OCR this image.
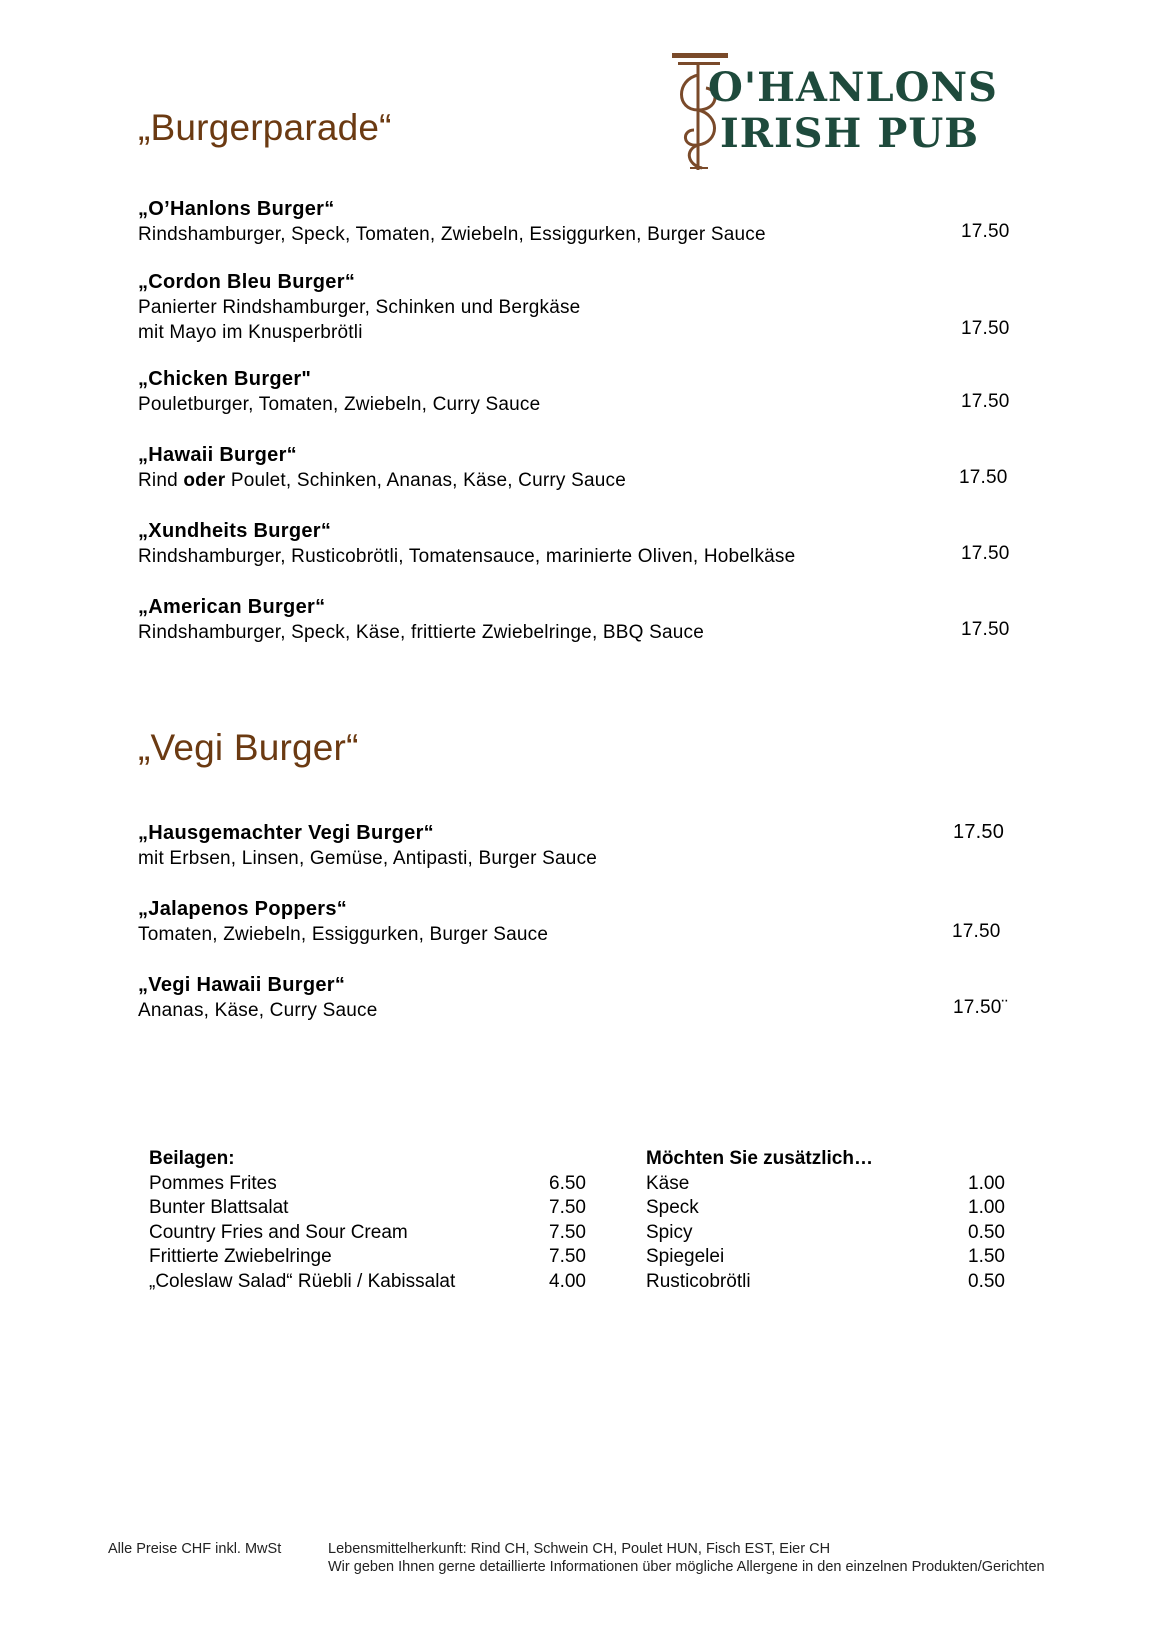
O'HANLONS
IRISH PUB
„Burgerparade“
„O’Hanlons Burger“
Rindshamburger, Speck, Tomaten, Zwiebeln, Essiggurken, Burger Sauce	17.50
„Cordon Bleu Burger“
Panierter Rindshamburger, Schinken und Bergkäse
mit Mayo im Knusperbrötli	17.50
„Chicken Burger"
Pouletburger, Tomaten, Zwiebeln, Curry Sauce	17.50
„Hawaii Burger“
Rind oder Poulet, Schinken, Ananas, Käse, Curry Sauce	17.50
„Xundheits Burger“
Rindshamburger, Rusticobrötli, Tomatensauce, marinierte Oliven, Hobelkäse	17.50
„American Burger“
Rindshamburger, Speck, Käse, frittierte Zwiebelringe, BBQ Sauce	17.50
„Vegi Burger“
„Hausgemachter Vegi Burger“
mit Erbsen, Linsen, Gemüse, Antipasti, Burger Sauce
17.50
„Jalapenos Poppers“
Tomaten, Zwiebeln, Essiggurken, Burger Sauce	17.50
„Vegi Hawaii Burger“
Ananas, Käse, Curry Sauce	17.50¨
Beilagen:
Pommes Frites	6.50
Bunter Blattsalat	7.50
Country Fries and Sour Cream	7.50
Frittierte Zwiebelringe	7.50
„Coleslaw Salad“ Rüebli / Kabissalat	4.00
Möchten Sie zusätzlich…
Käse	1.00
Speck	1.00
Spicy	0.50
Spiegelei	1.50
Rusticobrötli	0.50
Alle Preise CHF inkl. MwSt	Lebensmittelherkunft: Rind CH, Schwein CH, Poulet HUN, Fisch EST, Eier CH
Wir geben Ihnen gerne detaillierte Informationen über mögliche Allergene in den einzelnen Produkten/Gerichten
